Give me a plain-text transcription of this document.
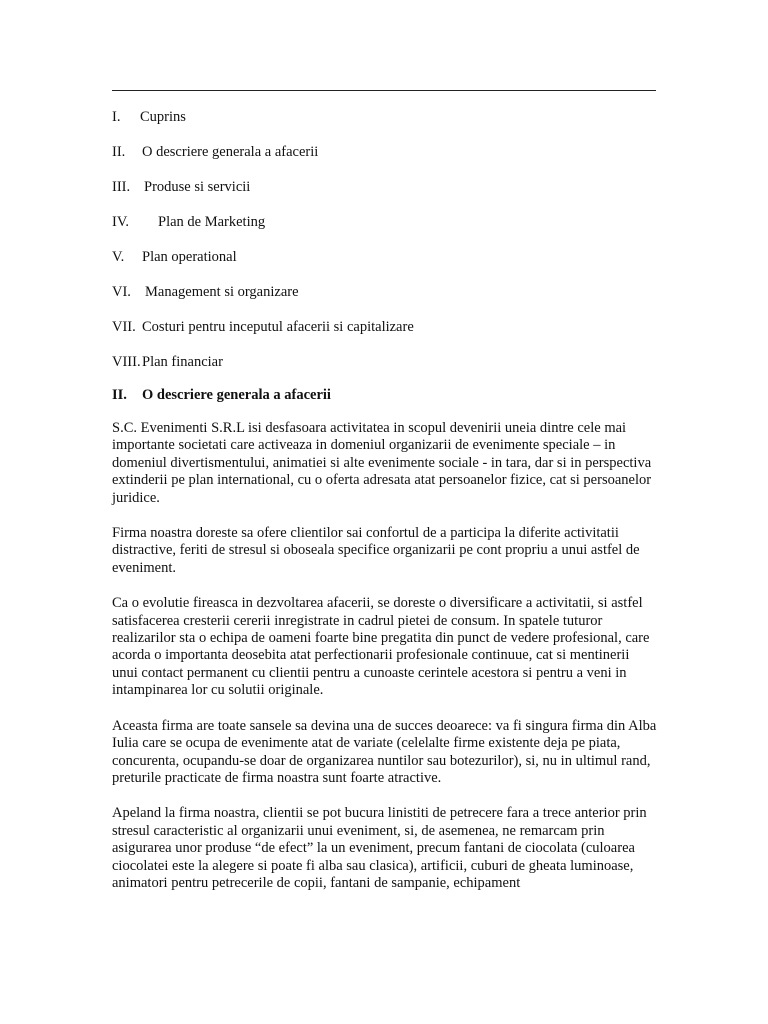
I. Cuprins
II. O descriere generala a afacerii
III. Produse si servicii
IV. Plan de Marketing
V. Plan operational
VI. Management si organizare
VII. Costuri pentru inceputul afacerii si capitalizare
VIII.Plan financiar
II. O descriere generala a afacerii

S.C. Evenimenti S.R.L isi desfasoara activitatea in scopul devenirii uneia dintre cele mai importante societati care activeaza in domeniul organizarii de evenimente speciale – in domeniul divertismentului, animatiei si alte evenimente sociale - in tara, dar si in perspectiva extinderii pe plan international, cu o oferta adresata atat persoanelor fizice, cat si persoanelor juridice.

Firma noastra doreste sa ofere clientilor sai confortul de a participa la diferite activitatii distractive, feriti de stresul si oboseala specifice organizarii pe cont propriu a unui astfel de eveniment.

Ca o evolutie fireasca in dezvoltarea afacerii, se doreste o diversificare a activitatii, si astfel satisfacerea cresterii cererii inregistrate in cadrul pietei de consum. In spatele tuturor realizarilor sta o echipa de oameni foarte bine pregatita din punct de vedere profesional, care acorda o importanta deosebita atat perfectionarii profesionale continuue, cat si mentinerii unui contact permanent cu clientii pentru a cunoaste cerintele acestora si pentru a veni in intampinarea lor cu solutii originale.

Aceasta firma are toate sansele sa devina una de succes deoarece: va fi singura firma din Alba Iulia care se ocupa de evenimente atat de variate (celelalte firme existente deja pe piata, concurenta, ocupandu-se doar de organizarea nuntilor sau botezurilor), si, nu in ultimul rand, preturile practicate de firma noastra sunt foarte atractive.

Apeland la firma noastra, clientii se pot bucura linistiti de petrecere fara a trece anterior prin stresul caracteristic al organizarii unui eveniment, si, de asemenea, ne remarcam prin asigurarea unor produse “de efect” la un eveniment, precum fantani de ciocolata (culoarea ciocolatei este la alegere si poate fi alba sau clasica), artificii, cuburi de gheata luminoase, animatori pentru petrecerile de copii, fantani de sampanie, echipament
